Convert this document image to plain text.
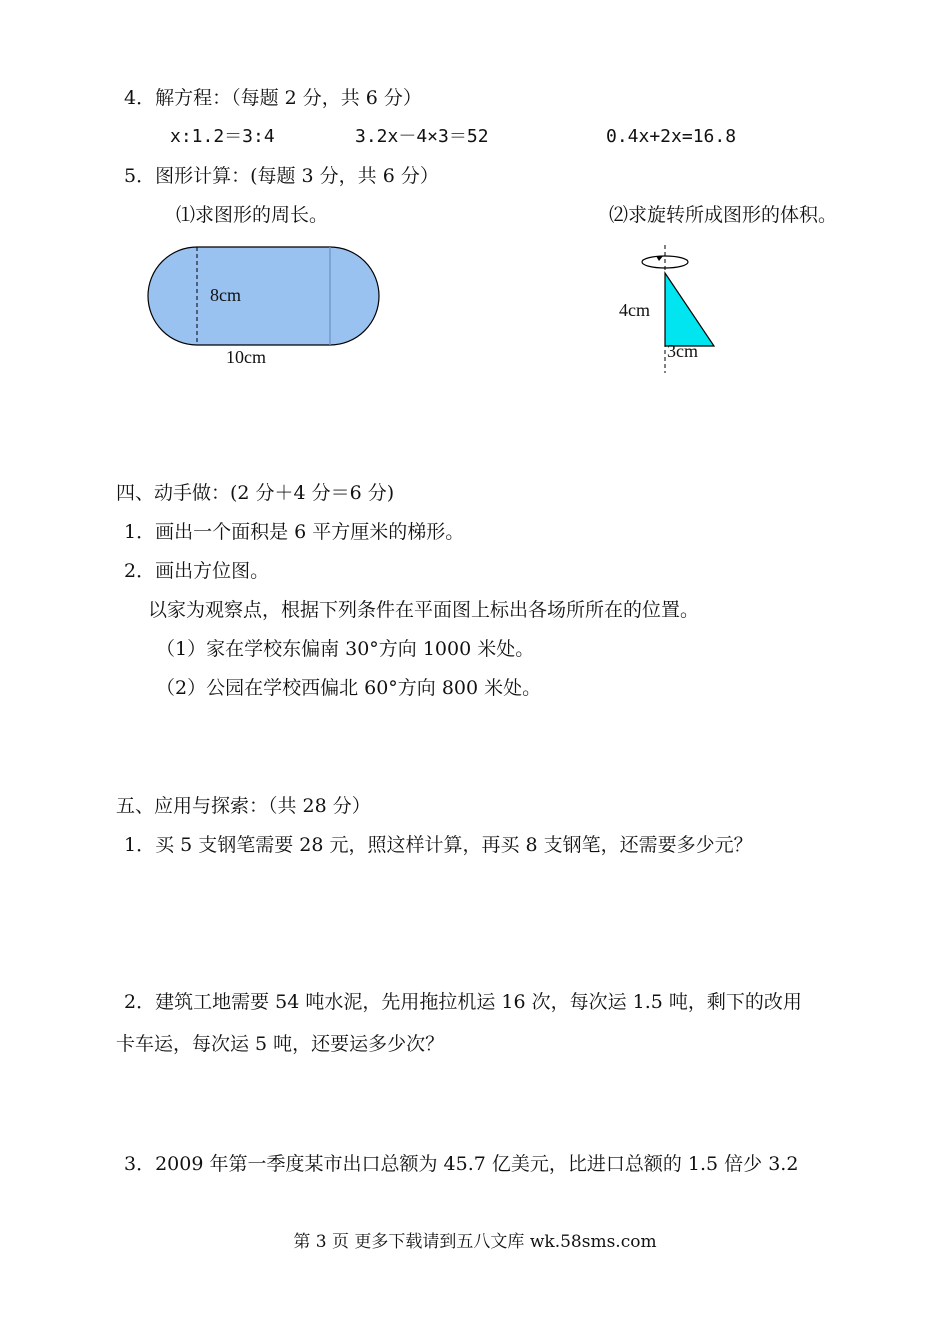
4．解方程：（每题 2 分，共 6 分）
x:1.2＝3:4	3.2x－4×3＝52	0.4x+2x=16.8
5．图形计算：(每题 3 分，共 6 分）
⑴求图形的周长。	⑵求旋转所成图形的体积。
8cm
10cm
4cm
3cm
四、动手做：(2 分＋4 分＝6 分)
1．画出一个面积是 6 平方厘米的梯形。
2．画出方位图。
以家为观察点，根据下列条件在平面图上标出各场所所在的位置。
（1）家在学校东偏南 30°方向 1000 米处。
（2）公园在学校西偏北 60°方向 800 米处。
五、应用与探索：（共 28 分）
1．买 5 支钢笔需要 28 元，照这样计算，再买 8 支钢笔，还需要多少元？
2．建筑工地需要 54 吨水泥，先用拖拉机运 16 次，每次运 1.5 吨，剩下的改用
卡车运，每次运 5 吨，还要运多少次？
3．2009 年第一季度某市出口总额为 45.7 亿美元，比进口总额的 1.5 倍少 3.2
第 3 页 更多下载请到五八文库 wk.58sms.com
